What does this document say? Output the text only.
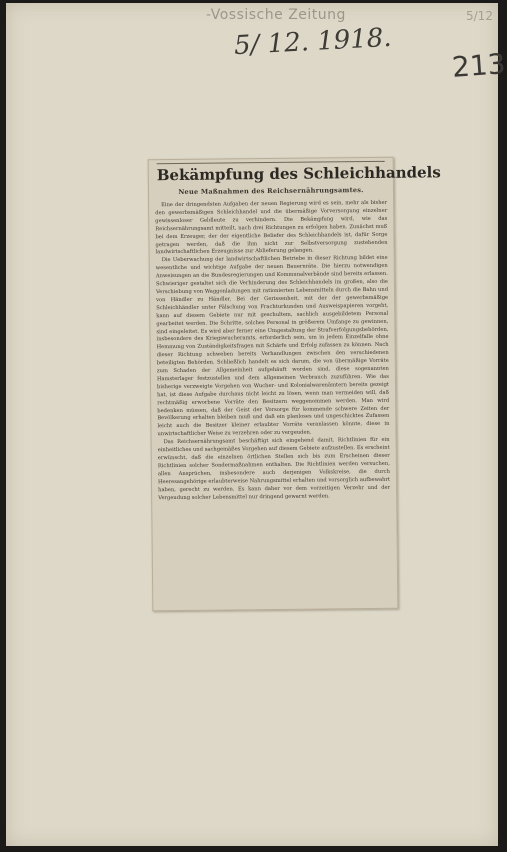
-Vossische Zeitung	5/12
5/ 12. 1918.
213
Bekämpfung des Schleichhandels
Neue Maßnahmen des Reichsernährungsamtes.

Eine der dringendsten Aufgaben der neuen Regierung wird es sein, mehr als bisher den gewerbsmäßigen Schleichhandel und die übermäßige Vorversorgung einzelner gewissenloser Geldleute zu verhindern. Die Bekämpfung wird, wie das Reichsernährungsamt mitteilt, nach drei Richtungen zu erfolgen haben. Zunächst muß bei dem Erzeuger, der der eigentliche Beliefer des Schleichhandels ist, dafür Sorge getragen werden, daß die ihm nicht zur Selbstversorgung zustehenden landwirtschaftlichen Erzeugnisse zur Ablieferung gelangen.

Die Ueberwachung der landwirtschaftlichen Betriebe in dieser Richtung bildet eine wesentliche und wichtige Aufgabe der neuen Bauernräte. Die hierzu notwendigen Anweisungen an die Bundesregierungen und Kommunalverbände sind bereits erlassen. Schwieriger gestaltet sich die Verhinderung des Schleichhandels im großen, also die Verschiebung von Waggonladungen mit rationierten Lebensmitteln durch die Bahn und von Händler zu Händler. Bei der Gerissenheit, mit der der gewerbsmäßige Schleichhändler unter Fälschung von Frachturkunden und Ausweispapieren vorgeht, kann auf diesem Gebiete nur mit geschultem, sachlich ausgebildetem Personal gearbeitet werden. Die Schritte, solches Personal in größerem Umfange zu gewinnen, sind eingeleitet. Es wird aber ferner eine Umgestaltung der Strafverfolgungsbehörden, insbesondere des Kriegswucheramts, erforderlich sein, um in jedem Einzelfalle ohne Hemmung von Zuständigkeitsfragen mit Schärfe und Erfolg zufassen zu können. Nach dieser Richtung schweben bereits Verhandlungen zwischen den verschiedenen beteiligten Behörden. Schließlich handelt es sich darum, die von übermäßige Vorräte zum Schaden der Allgemeinheit aufgehäuft worden sind, diese sogenannten Hamsterlager festzustellen und dem allgemeinen Verbrauch zuzuführen. Wie das bisherige verzweigte Vorgehen von Wucher- und Kolonialwarenämtern bereits gezeigt hat, ist diese Aufgabe durchaus nicht leicht zu lösen, wenn man vermeiden will, daß rechtmäßig erworbene Vorräte den Besitzern weggenommen werden. Man wird bedenken müssen, daß der Geist der Vorsorge für kommende schwere Zeiten der Bevölkerung erhalten bleiben muß und daß ein planloses und ungeschicktes Zufassen leicht auch die Besitzer kleiner erlaubter Vorräte veranlassen könnte, diese in unwirtschaftlicher Weise zu verzehren oder zu vergeuden.

Das Reichsernährungsamt beschäftigt sich eingehend damit, Richtlinien für ein einheitliches und sachgemäßes Vorgehen auf diesem Gebiete aufzustellen. Es erscheint erwünscht, daß die einzelnen örtlichen Stellen sich bis zum Erscheinen dieser Richtlinien solcher Sondermaßnahmen enthalten. Die Richtlinien werden versuchen, allen Ansprüchen, insbesondere auch derjenigen Volkskreise, die durch Heeresangehörige erlaubterweise Nahrungsmittel erhalten und vorsorglich aufbewahrt haben, gerecht zu werden. Es kann daher vor dem vorzeitigen Verzehr und der Vergeudung solcher Lebensmittel nur dringend gewarnt werden.
